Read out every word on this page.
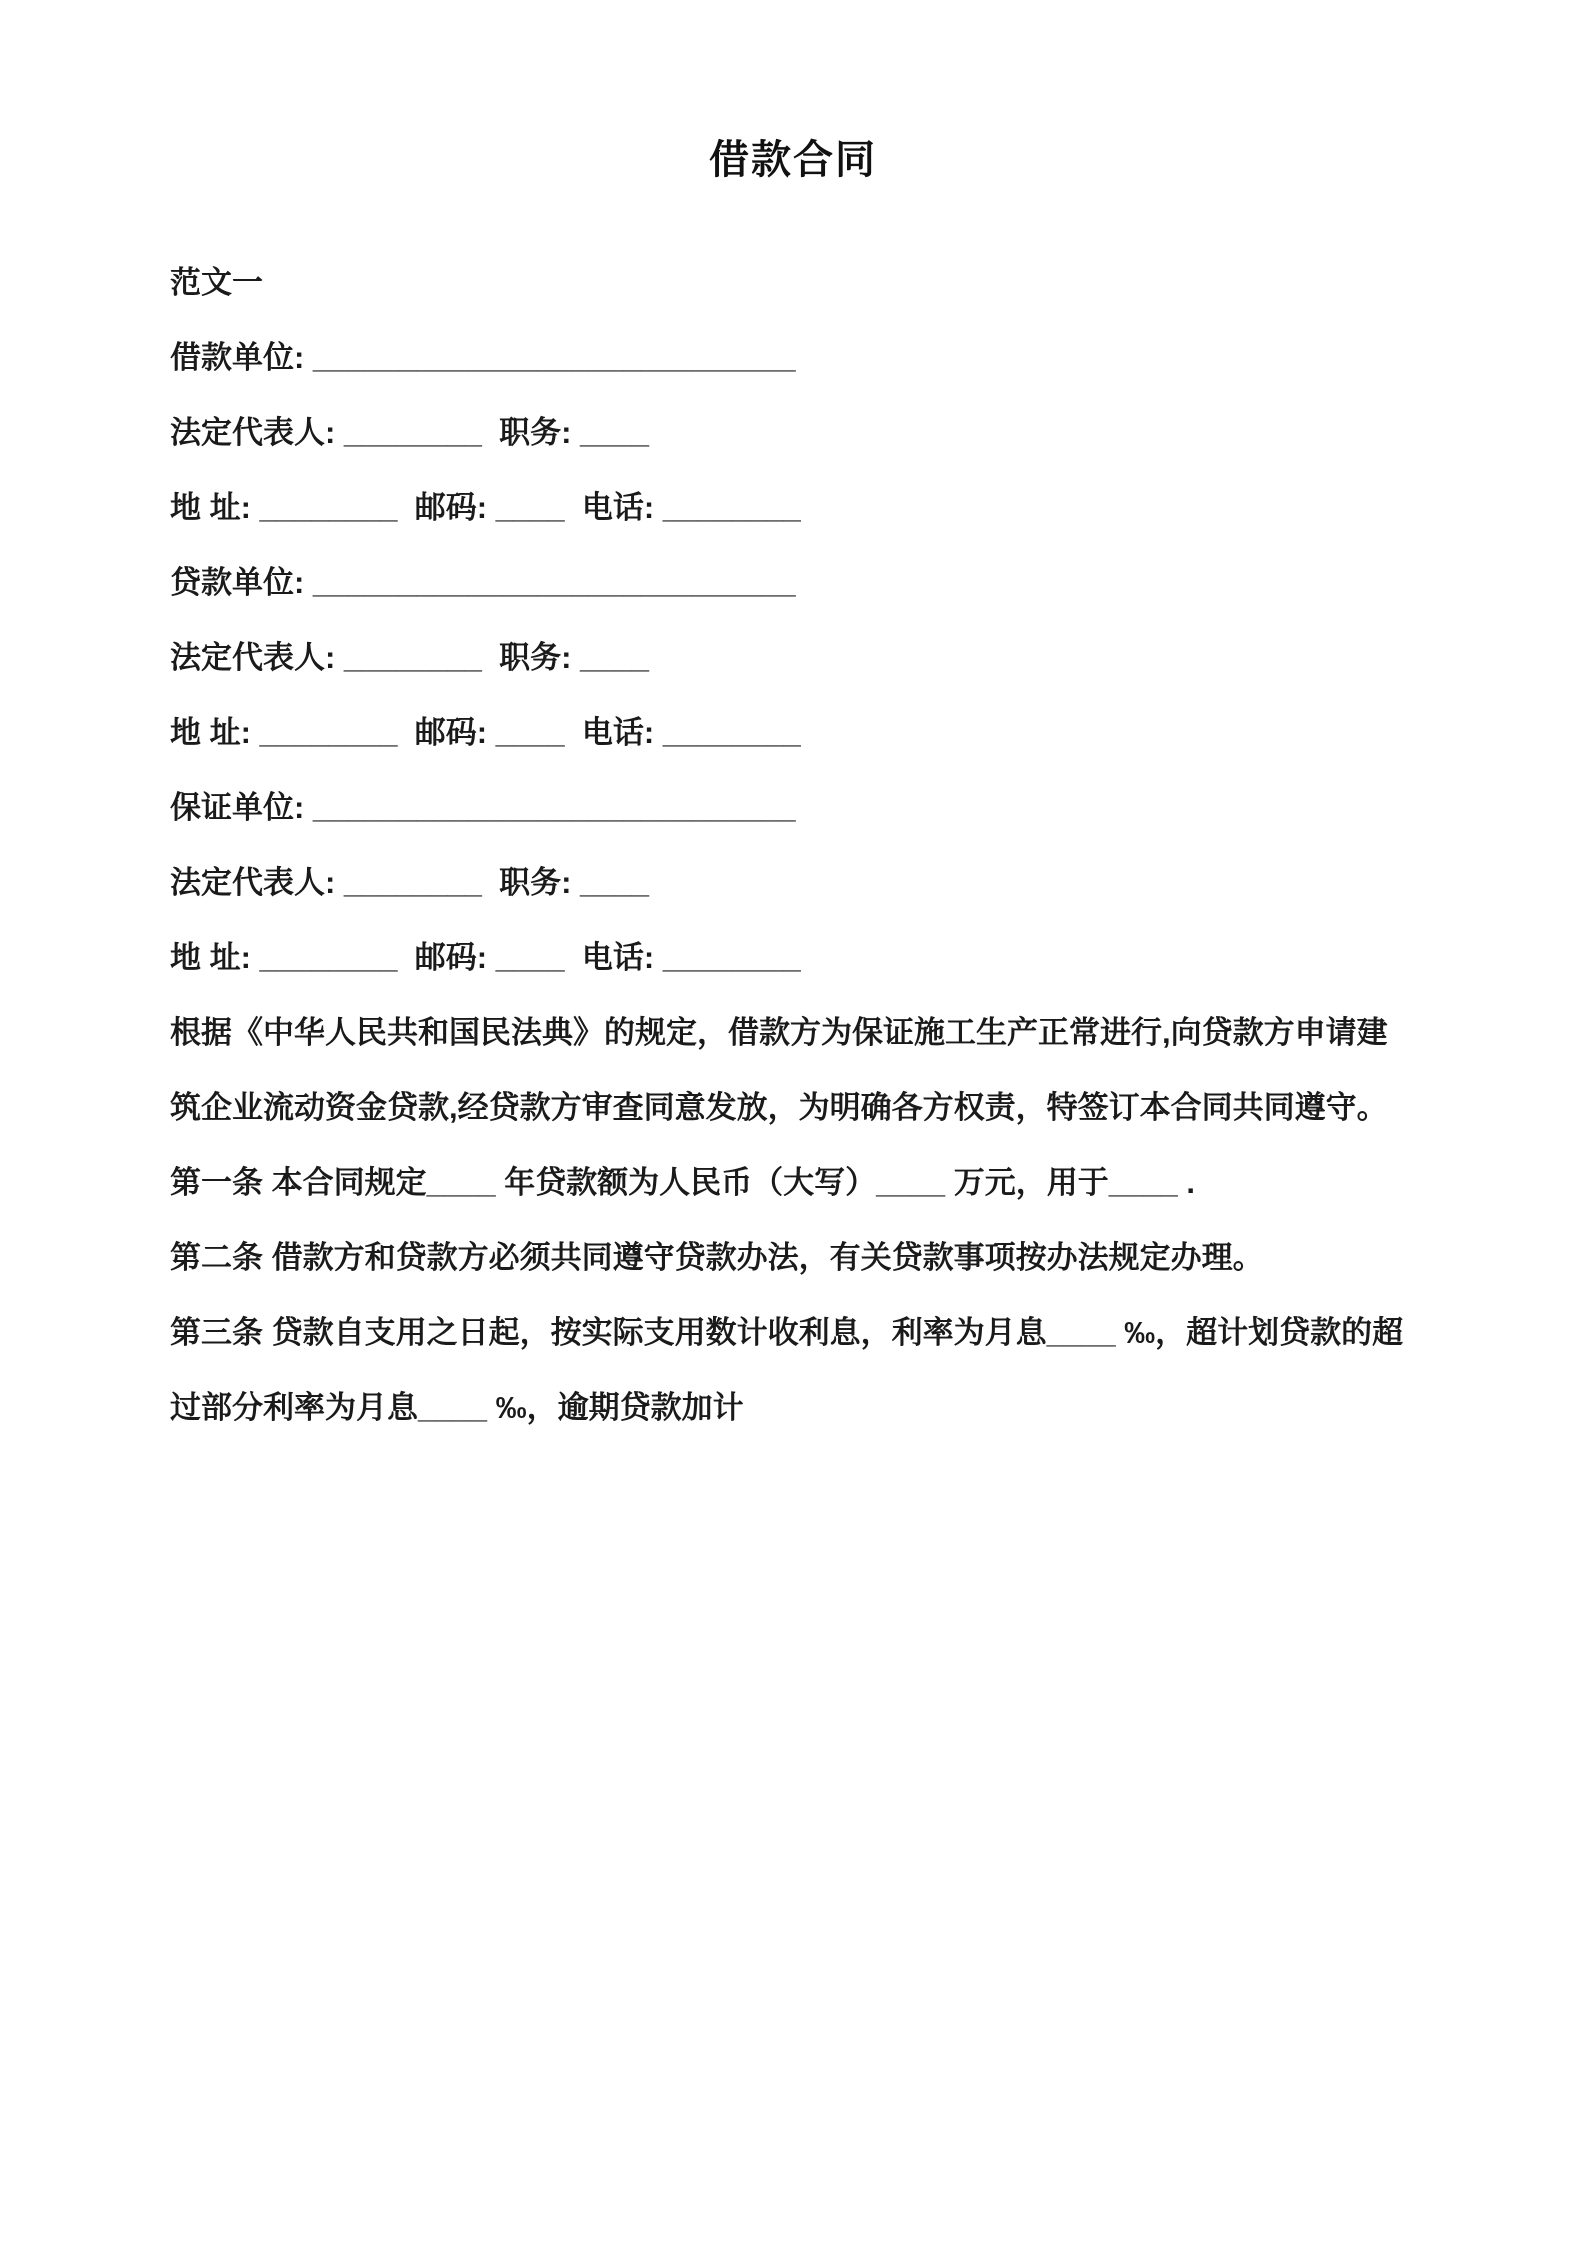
借款合同

范文一

借款单位: ____________________________

法定代表人: ________  职务: ____

地 址: ________  邮码: ____  电话: ________

贷款单位: ____________________________

法定代表人: ________  职务: ____

地 址: ________  邮码: ____  电话: ________

保证单位: ____________________________

法定代表人: ________  职务: ____

地 址: ________  邮码: ____  电话: ________

根据《中华人民共和国民法典》的规定，借款方为保证施工生产正常进行,向贷款方申请建筑企业流动资金贷款,经贷款方审查同意发放，为明确各方权责，特签订本合同共同遵守。

第一条 本合同规定____ 年贷款额为人民币（大写）____ 万元，用于____ .

第二条 借款方和贷款方必须共同遵守贷款办法，有关贷款事项按办法规定办理。

第三条 贷款自支用之日起，按实际支用数计收利息，利率为月息____ ‰，超计划贷款的超过部分利率为月息____ ‰，逾期贷款加计
